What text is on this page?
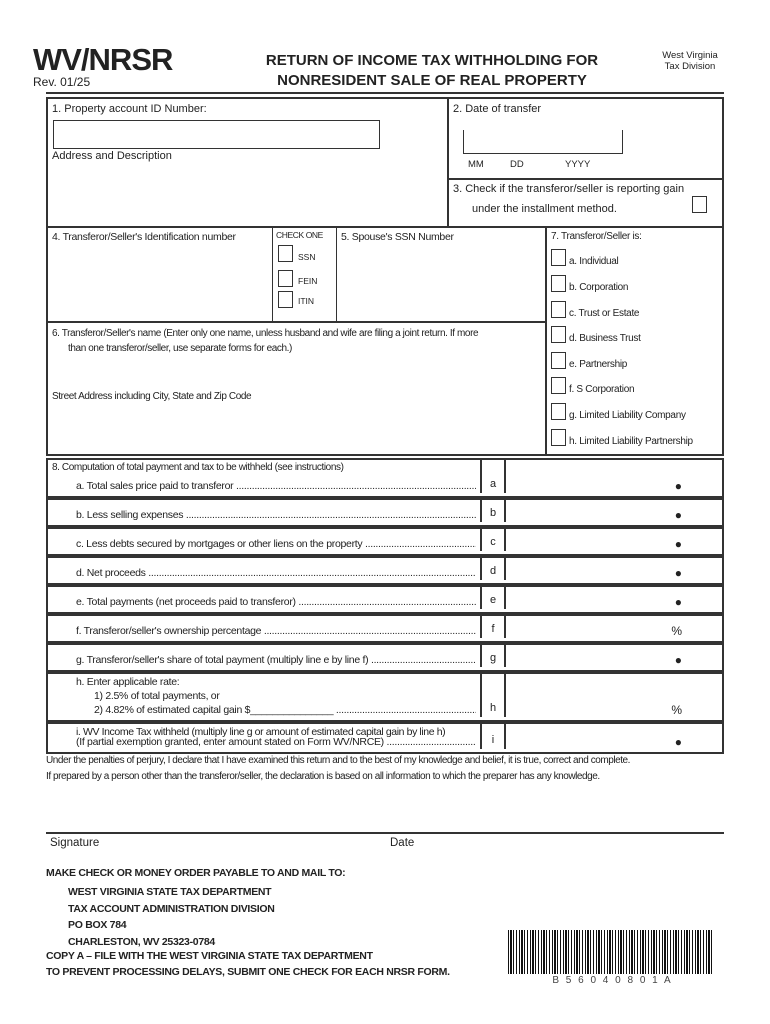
WV/NRSR
Rev. 01/25
RETURN OF INCOME TAX WITHHOLDING FOR
NONRESIDENT SALE OF REAL PROPERTY
West Virginia
Tax Division
1. Property account ID Number:
Address and Description
2. Date of transfer
MM	DD	YYYY
3. Check if the transferor/seller is reporting gain
under the installment method.
4. Transferor/Seller's Identification number	CHECK ONE
SSN
FEIN
ITIN
5. Spouse's SSN Number
6. Transferor/Seller's name (Enter only one name, unless husband and wife are filing a joint return. If more
than one transferor/seller, use separate forms for each.)
Street Address including City, State and Zip Code
7. Transferor/Seller is:
a. Individual
b. Corporation
c. Trust or Estate
d. Business Trust
e. Partnership
f. S Corporation
g. Limited Liability Company
h. Limited Liability Partnership
8. Computation of total payment and tax to be withheld (see instructions)
a. Total sales price paid to transferor .....	a	●
b. Less selling expenses .....	b	●
c. Less debts secured by mortgages or other liens on the property .....	c	●
d. Net proceeds .....	d	●
e. Total payments (net proceeds paid to transferor) .....	e	●
f. Transferor/seller's ownership percentage .....	f	%
g. Transferor/seller's share of total payment (multiply line e by line f) .....	g	●
h. Enter applicable rate:
1) 2.5% of total payments, or
2) 4.82% of estimated capital gain $_______________ .....	h	%
i. WV Income Tax withheld (multiply line g or amount of estimated capital gain by line h)
(If partial exemption granted, enter amount stated on Form WV/NRCE) .....	i	●
Under the penalties of perjury, I declare that I have examined this return and to the best of my knowledge and belief, it is true, correct and complete.
If prepared by a person other than the transferor/seller, the declaration is based on all information to which the preparer has any knowledge.
Signature	Date
MAKE CHECK OR MONEY ORDER PAYABLE TO AND MAIL TO:
WEST VIRGINIA STATE TAX DEPARTMENT
TAX ACCOUNT ADMINISTRATION DIVISION
PO BOX 784
CHARLESTON, WV 25323-0784
COPY A – FILE WITH THE WEST VIRGINIA STATE TAX DEPARTMENT
TO PREVENT PROCESSING DELAYS, SUBMIT ONE CHECK FOR EACH NRSR FORM.
B 5 6 0 4 0 8 0 1 A
